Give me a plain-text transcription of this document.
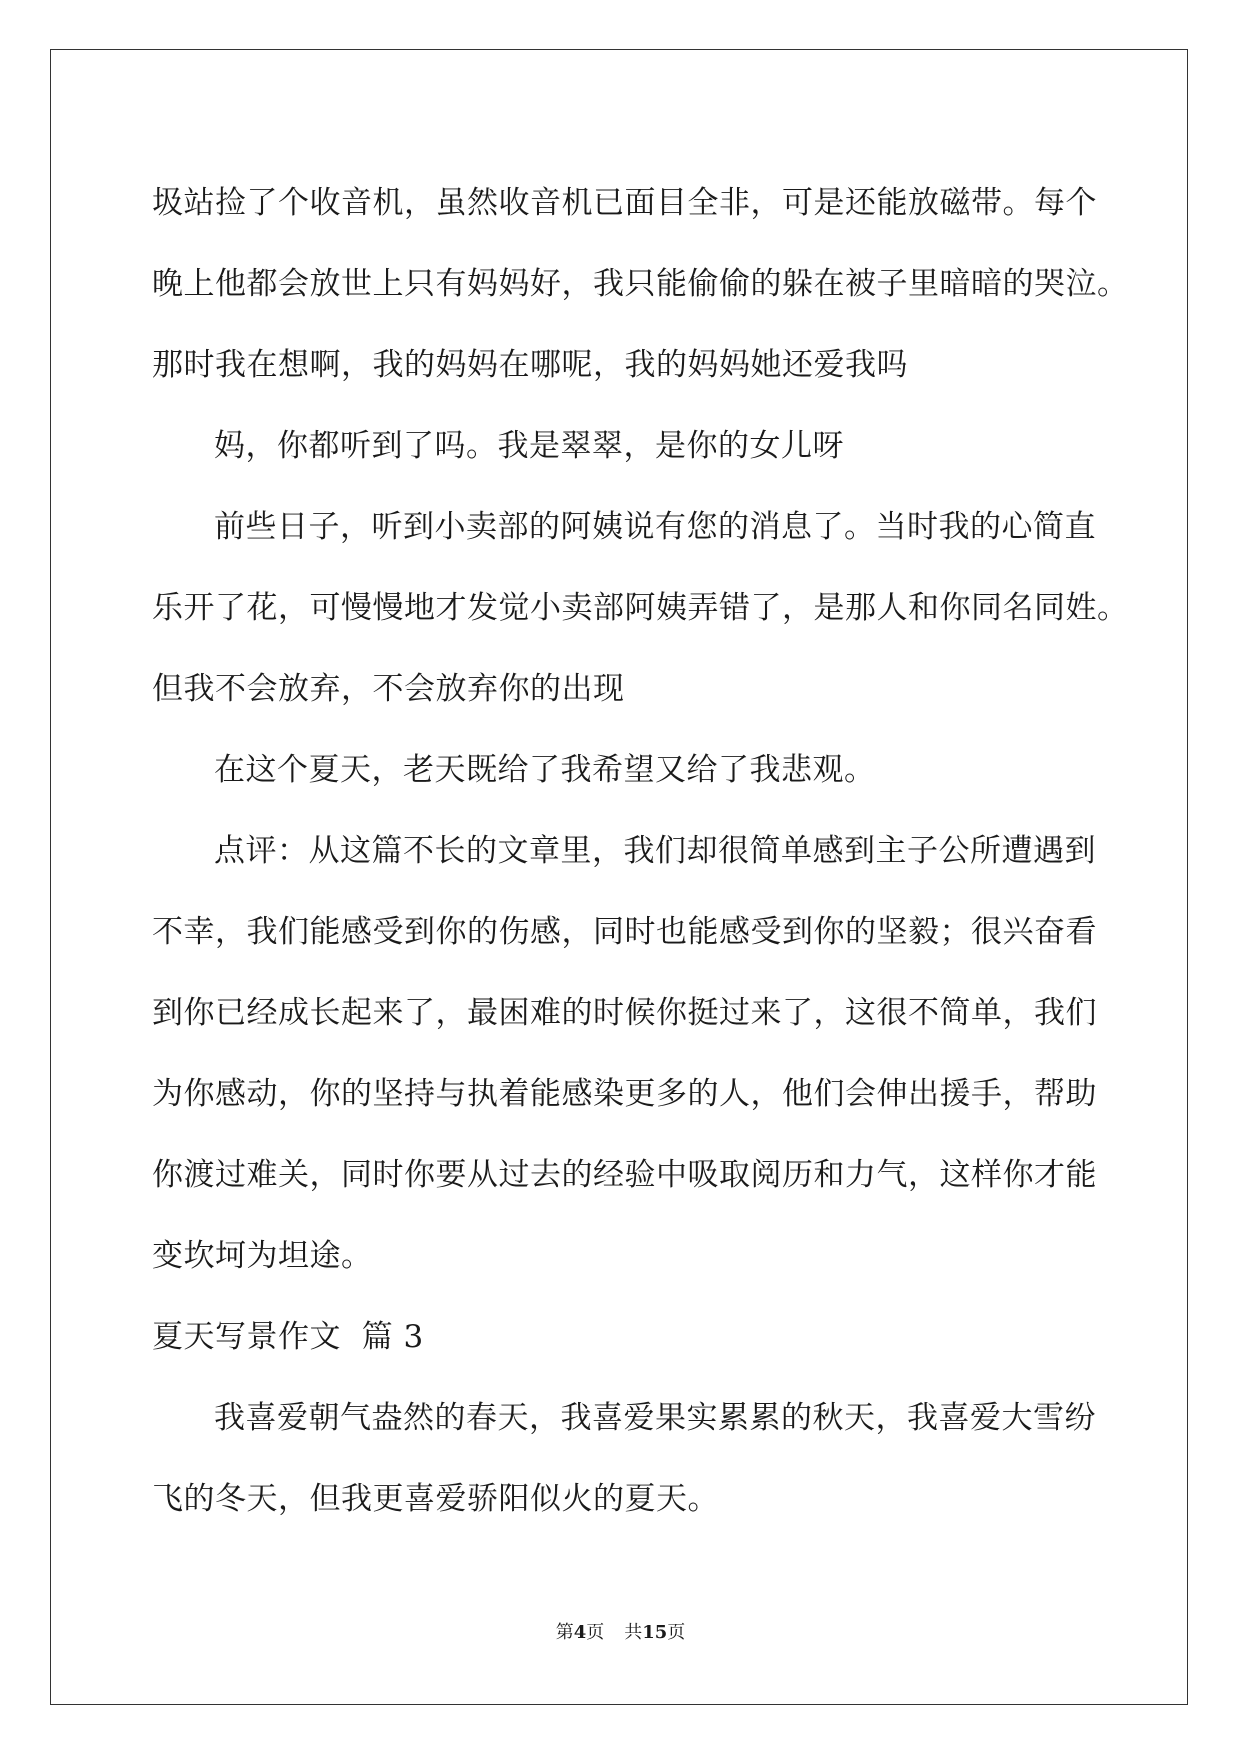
圾站捡了个收音机，虽然收音机已面目全非，可是还能放磁带。每个
晚上他都会放世上只有妈妈好，我只能偷偷的躲在被子里暗暗的哭泣。
那时我在想啊，我的妈妈在哪呢，我的妈妈她还爱我吗
妈，你都听到了吗。我是翠翠，是你的女儿呀
前些日子，听到小卖部的阿姨说有您的消息了。当时我的心简直
乐开了花，可慢慢地才发觉小卖部阿姨弄错了，是那人和你同名同姓。
但我不会放弃，不会放弃你的出现
在这个夏天，老天既给了我希望又给了我悲观。
点评：从这篇不长的文章里，我们却很简单感到主子公所遭遇到
不幸，我们能感受到你的伤感，同时也能感受到你的坚毅；很兴奋看
到你已经成长起来了，最困难的时候你挺过来了，这很不简单，我们
为你感动，你的坚持与执着能感染更多的人，他们会伸出援手，帮助
你渡过难关，同时你要从过去的经验中吸取阅历和力气，这样你才能
变坎坷为坦途。
夏天写景作文  篇 3
我喜爱朝气盎然的春天，我喜爱果实累累的秋天，我喜爱大雪纷
飞的冬天，但我更喜爱骄阳似火的夏天。
第4页 共15页
